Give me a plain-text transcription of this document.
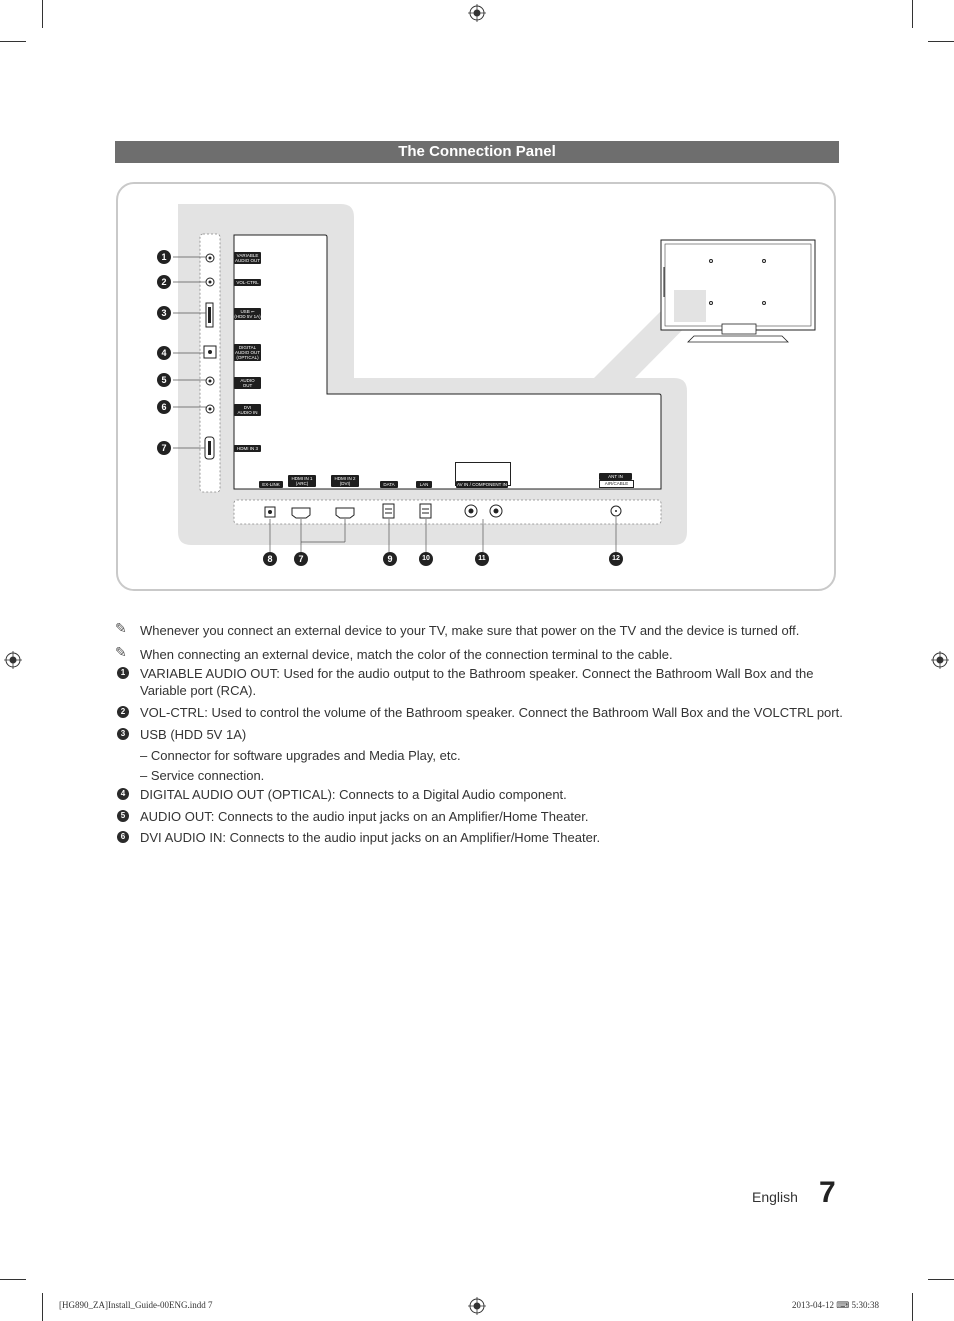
The Connection Panel
VARIABLE
AUDIO OUT
VOL-CTRL
USB ⭠
(HDD 5V 1A)
DIGITAL
AUDIO OUT
(OPTICAL)
AUDIO
OUT
DVI
AUDIO IN
HDMI IN 3
EX-LINK
HDMI IN 1 (ARC)
HDMI IN 2 (DVI)	DATA	LAN	AV IN / COMPONENT IN
ANT IN
AIR/CABLE
1
2
3
4
5
6
7
8	7	9	10	11	12
✎ Whenever you connect an external device to your TV, make sure that power on the TV and the device is turned off.
✎ When connecting an external device, match the color of the connection terminal to the cable.
1 VARIABLE AUDIO OUT: Used for the audio output to the Bathroom speaker. Connect the Bathroom Wall Box and the
Variable port (RCA).
2 VOL-CTRL: Used to control the volume of the Bathroom speaker. Connect the Bathroom Wall Box and the VOLCTRL port.
3 USB (HDD 5V 1A)
– Connector for software upgrades and Media Play, etc.
– Service connection.
4 DIGITAL AUDIO OUT (OPTICAL): Connects to a Digital Audio component.
5 AUDIO OUT: Connects to the audio input jacks on an Amplifier/Home Theater.
6 DVI AUDIO IN: Connects to the audio input jacks on an Amplifier/Home Theater.
English 7
[HG890_ZA]Install_Guide-00ENG.indd 7	2013-04-12 ⌨ 5:30:38
